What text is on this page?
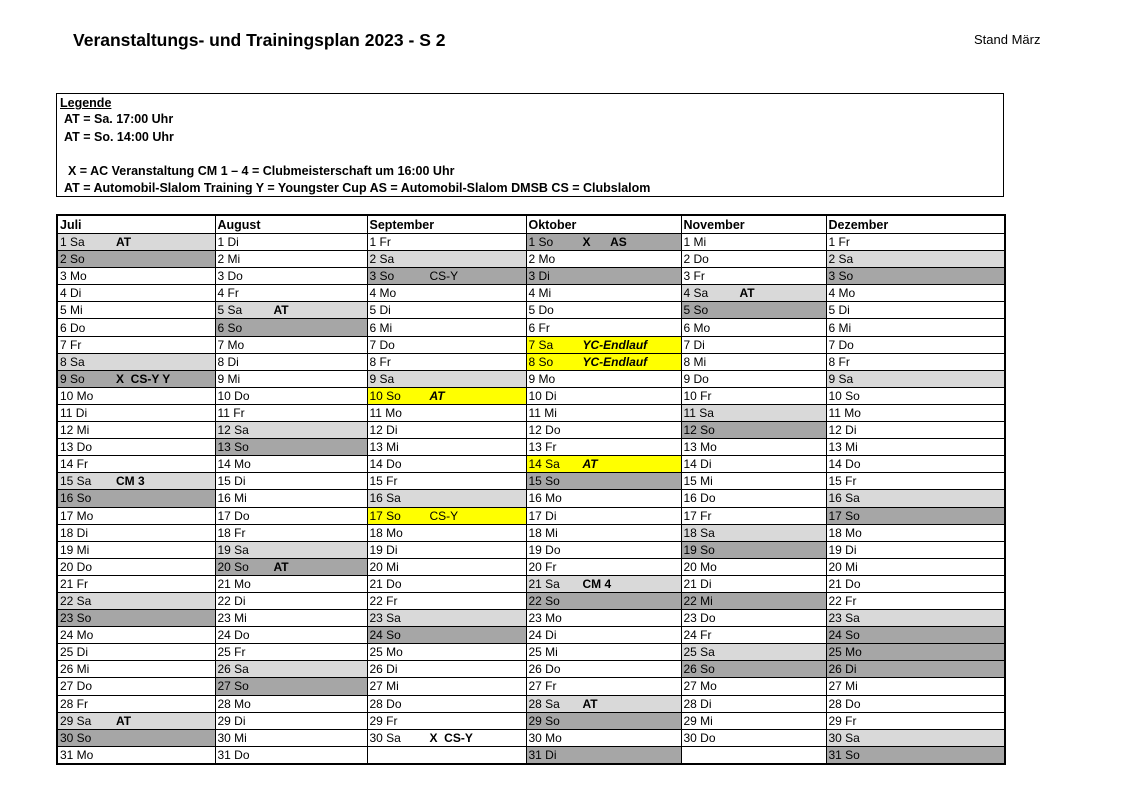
Veranstaltungs- und Trainingsplan 2023 - S 2	Stand März
Legende
AT = Sa. 17:00 Uhr
AT = So. 14:00 Uhr
X = AC Veranstaltung CM 1 – 4 = Clubmeisterschaft um 16:00 Uhr
AT = Automobil-Slalom Training Y = Youngster Cup AS = Automobil-Slalom DMSB CS = Clubslalom
Juli	August	September	Oktober	November	Dezember

1 Sa AT	1 Di	1 Fr	1 So X      AS	1 Mi	1 Fr

2 So	2 Mi	2 Sa	2 Mo	2 Do	2 Sa

3 Mo	3 Do	3 So CS-Y	3 Di	3 Fr	3 So

4 Di	4 Fr	4 Mo	4 Mi	4 Sa AT	4 Mo

5 Mi	5 Sa AT	5 Di	5 Do	5 So	5 Di

6 Do	6 So	6 Mi	6 Fr	6 Mo	6 Mi

7 Fr	7 Mo	7 Do	7 Sa YC-Endlauf	7 Di	7 Do

8 Sa	8 Di	8 Fr	8 So YC-Endlauf	8 Mi	8 Fr

9 So X  CS-Y Y	9 Mi	9 Sa	9 Mo	9 Do	9 Sa

10 Mo	10 Do	10 So AT	10 Di	10 Fr	10 So

11 Di	11 Fr	11 Mo	11 Mi	11 Sa	11 Mo

12 Mi	12 Sa	12 Di	12 Do	12 So	12 Di

13 Do	13 So	13 Mi	13 Fr	13 Mo	13 Mi

14 Fr	14 Mo	14 Do	14 Sa AT	14 Di	14 Do

15 Sa CM 3	15 Di	15 Fr	15 So	15 Mi	15 Fr

16 So	16 Mi	16 Sa	16 Mo	16 Do	16 Sa

17 Mo	17 Do	17 So CS-Y	17 Di	17 Fr	17 So

18 Di	18 Fr	18 Mo	18 Mi	18 Sa	18 Mo

19 Mi	19 Sa	19 Di	19 Do	19 So	19 Di

20 Do	20 So AT	20 Mi	20 Fr	20 Mo	20 Mi

21 Fr	21 Mo	21 Do	21 Sa CM 4	21 Di	21 Do

22 Sa	22 Di	22 Fr	22 So	22 Mi	22 Fr

23 So	23 Mi	23 Sa	23 Mo	23 Do	23 Sa

24 Mo	24 Do	24 So	24 Di	24 Fr	24 So

25 Di	25 Fr	25 Mo	25 Mi	25 Sa	25 Mo

26 Mi	26 Sa	26 Di	26 Do	26 So	26 Di

27 Do	27 So	27 Mi	27 Fr	27 Mo	27 Mi

28 Fr	28 Mo	28 Do	28 Sa AT	28 Di	28 Do

29 Sa AT	29 Di	29 Fr	29 So	29 Mi	29 Fr

30 So	30 Mi	30 Sa X  CS-Y	30 Mo	30 Do	30 Sa

31 Mo	31 Do		31 Di		31 So
